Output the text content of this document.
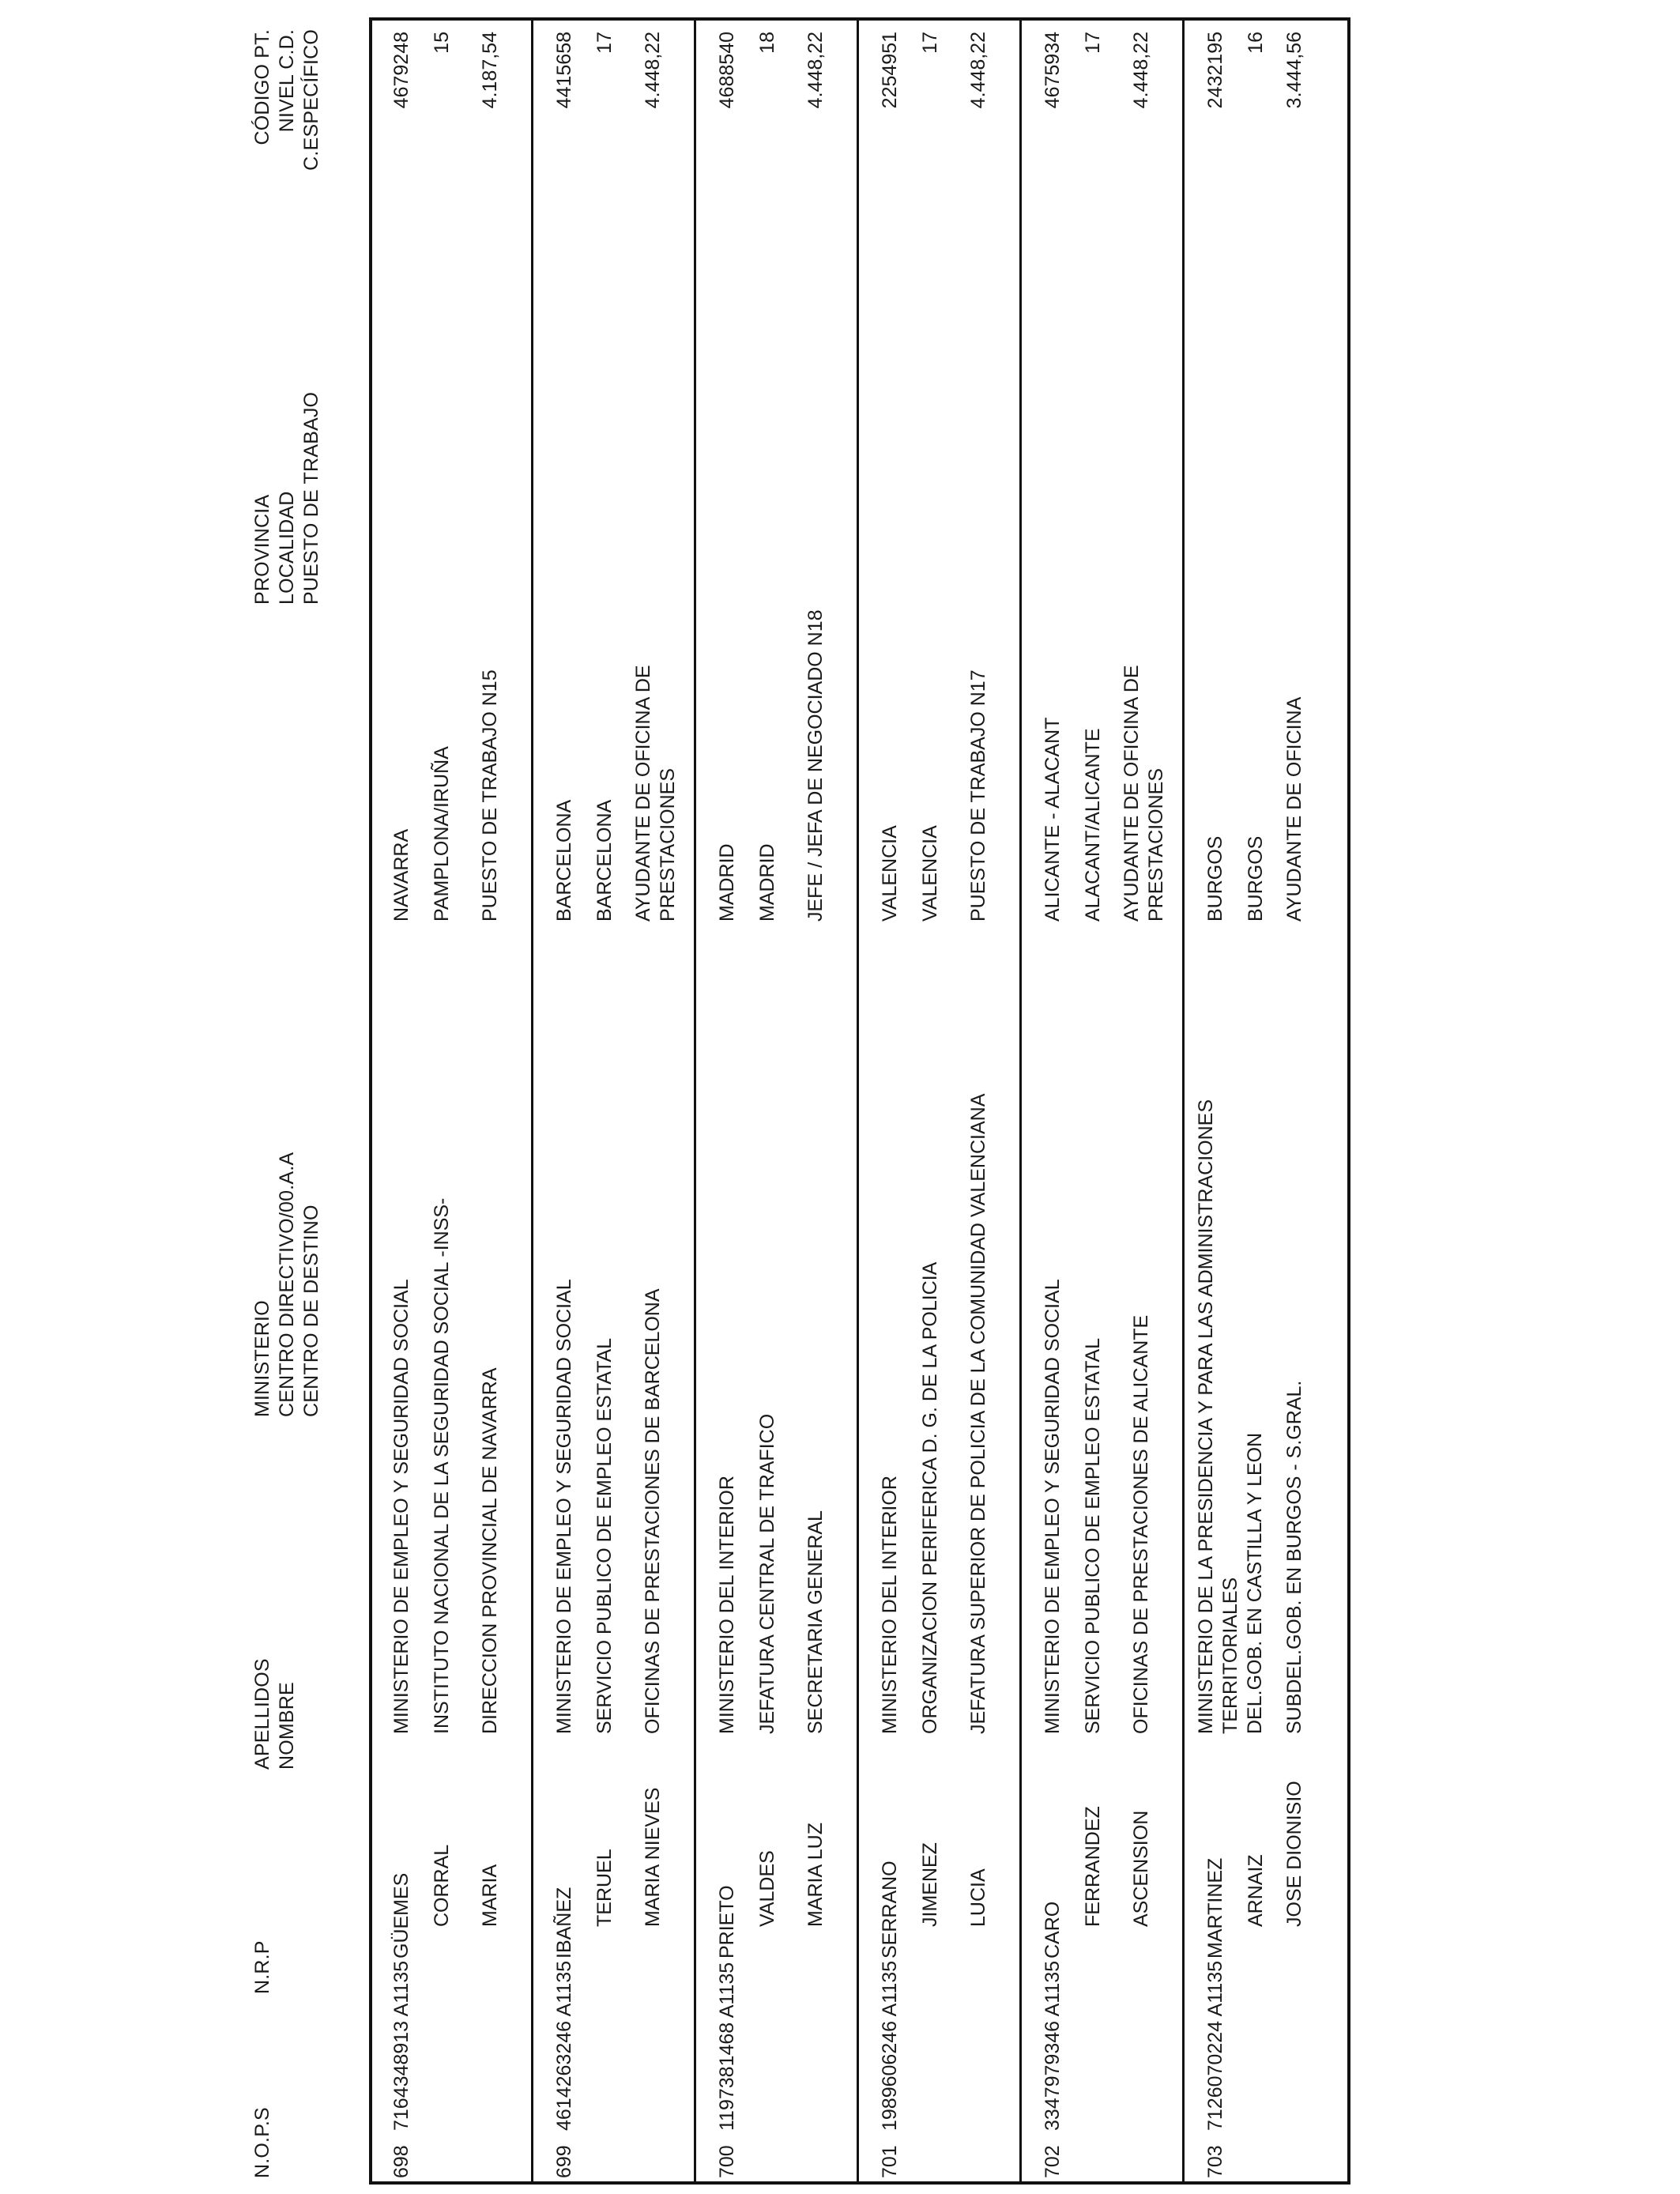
N.O.P.S
N.R.P
APELLIDOS NOMBRE
MINISTERIO CENTRO DIRECTIVO/00.A.A CENTRO DE DESTINO
PROVINCIA LOCALIDAD PUESTO DE TRABAJO
CÓDIGO PT. NIVEL C.D. C.ESPECÍFICO
698
7164348913 A1135
GÜEMES CORRAL MARIA
MINISTERIO DE EMPLEO Y SEGURIDAD SOCIAL INSTITUTO NACIONAL DE LA SEGURIDAD SOCIAL -INSS- DIRECCION PROVINCIAL DE NAVARRA
NAVARRA PAMPLONA/IRUÑA PUESTO DE TRABAJO N15
4679248 15 4.187,54
699
4614263246 A1135
IBAÑEZ TERUEL MARIA NIEVES
MINISTERIO DE EMPLEO Y SEGURIDAD SOCIAL SERVICIO PUBLICO DE EMPLEO ESTATAL OFICINAS DE PRESTACIONES DE BARCELONA
BARCELONA BARCELONA AYUDANTE DE OFICINA DE PRESTACIONES
4415658 17 4.448,22
700
1197381468 A1135
PRIETO VALDES MARIA LUZ
MINISTERIO DEL INTERIOR JEFATURA CENTRAL DE TRAFICO SECRETARIA GENERAL
MADRID MADRID JEFE / JEFA DE NEGOCIADO N18
4688540 18 4.448,22
701
1989606246 A1135
SERRANO JIMENEZ LUCIA
MINISTERIO DEL INTERIOR ORGANIZACION PERIFERICA D. G. DE LA POLICIA JEFATURA SUPERIOR DE POLICIA DE LA COMUNIDAD VALENCIANA
VALENCIA VALENCIA PUESTO DE TRABAJO N17
2254951 17 4.448,22
702
3347979346 A1135
CARO
FERRANDEZ ASCENSION
MINISTERIO DE EMPLEO Y SEGURIDAD SOCIAL SERVICIO PUBLICO DE EMPLEO ESTATAL OFICINAS DE PRESTACIONES DE ALICANTE
ALICANTE - ALACANT ALACANT/ALICANTE AYUDANTE DE OFICINA DE PRESTACIONES
4675934 17 4.448,22
703
7126070224 A1135
MARTINEZ ARNAIZ JOSE DIONISIO
MINISTERIO DE LA PRESIDENCIA Y PARA LAS ADMINISTRACIONES TERRITORIALES DEL.GOB. EN CASTILLA Y LEON SUBDEL.GOB. EN BURGOS - S.GRAL.
BURGOS BURGOS AYUDANTE DE OFICINA
2432195 16 3.444,56
